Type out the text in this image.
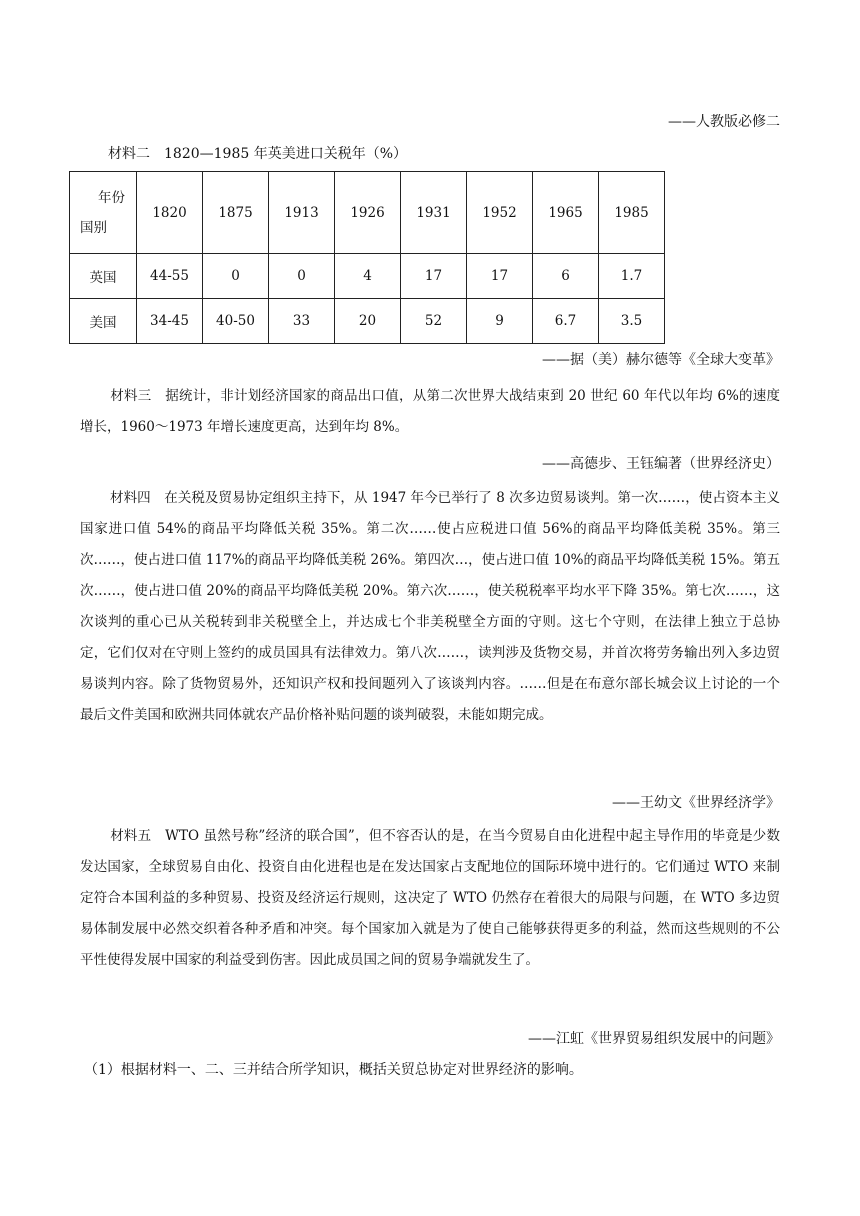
——人教版必修二
材料二　1820—1985 年英美进口关税年（%）
年份
国别	1820	1875	1913	1926	1931	1952	1965	1985
英国	44-55	0	0	4	17	17	6	1.7
美国	34-45	40-50	33	20	52	9	6.7	3.5
——据（美）赫尔德等《全球大变革》
材料三　 据统计，非计划经济国家的商品出口值，从第二次世界大战结束到 20 世纪 60 年代以年均 6%的速度增长，1960～1973 年增长速度更高，达到年均 8%。
——高德步、王钰编著（世界经济史）
材料四　 在关税及贸易协定组织主持下，从 1947 年今已举行了 8 次多边贸易谈判。第一次……，使占资本主义国家进口值 54%的商品平均降低关税 35%。第二次……使占应税进口值 56%的商品平均降低美税 35%。第三次……，使占进口值 117%的商品平均降低美税 26%。第四次…，使占进口值 10%的商品平均降低美税 15%。第五次……，使占进口值 20%的商品平均降低美税 20%。第六次……，使关税税率平均水平下降 35%。第七次……，这次谈判的重心已从关税转到非关税壁全上，并达成七个非美税壁全方面的守则。这七个守则，在法律上独立于总协定，它们仅对在守则上签约的成员国具有法律效力。第八次……，读判涉及货物交易，并首次将劳务输出列入多边贸易谈判内容。除了货物贸易外，还知识产权和投间题列入了该谈判内容。……但是在布意尔部长城会议上讨论的一个最后文件美国和欧洲共同体就农产品价格补贴问题的谈判破裂，未能如期完成。
——王幼文《世界经济学》
材料五　 WTO 虽然号称”经济的联合国”，但不容否认的是，在当今贸易自由化进程中起主导作用的毕竟是少数发达国家，全球贸易自由化、投资自由化进程也是在发达国家占支配地位的国际环境中进行的。它们通过 WTO 来制定符合本国利益的多种贸易、投资及经济运行规则，这决定了 WTO 仍然存在着很大的局限与问题，在 WTO 多边贸易体制发展中必然交织着各种矛盾和冲突。每个国家加入就是为了使自己能够获得更多的利益，然而这些规则的不公平性使得发展中国家的利益受到伤害。因此成员国之间的贸易争端就发生了。
——江虹《世界贸易组织发展中的问题》
（1）根据材料一、二、三并结合所学知识，概括关贸总协定对世界经济的影响。
